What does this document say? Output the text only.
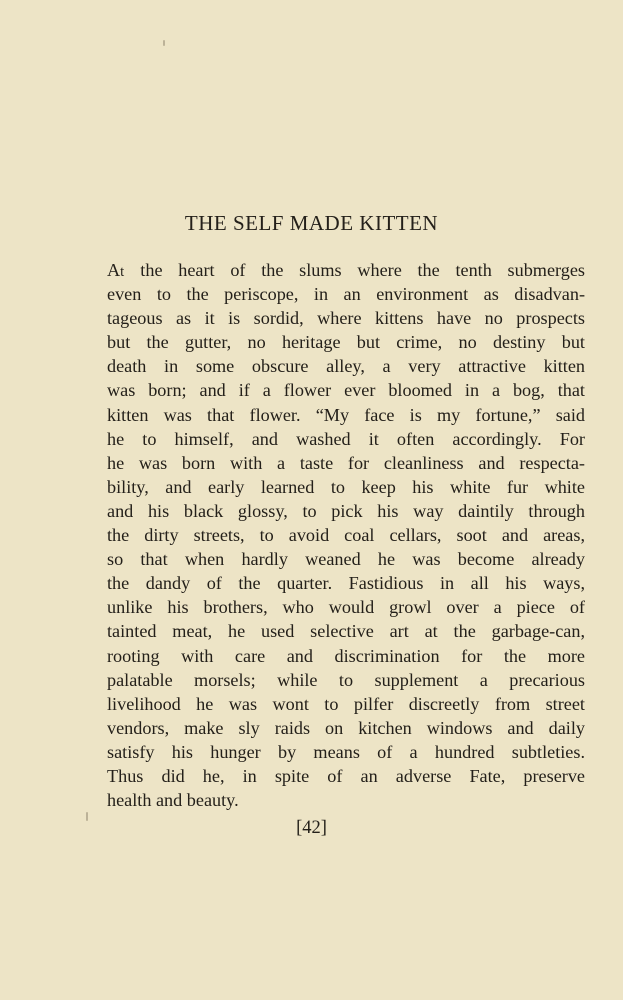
THE SELF MADE KITTEN
At the heart of the slums where the tenth submerges
even to the periscope, in an environment as disadvan-
tageous as it is sordid, where kittens have no prospects
but the gutter, no heritage but crime, no destiny but
death in some obscure alley, a very attractive kitten
was born; and if a flower ever bloomed in a bog, that
kitten was that flower. “My face is my fortune,” said
he to himself, and washed it often accordingly. For
he was born with a taste for cleanliness and respecta-
bility, and early learned to keep his white fur white
and his black glossy, to pick his way daintily through
the dirty streets, to avoid coal cellars, soot and areas,
so that when hardly weaned he was become already
the dandy of the quarter. Fastidious in all his ways,
unlike his brothers, who would growl over a piece of
tainted meat, he used selective art at the garbage-can,
rooting with care and discrimination for the more
palatable morsels; while to supplement a precarious
livelihood he was wont to pilfer discreetly from street
vendors, make sly raids on kitchen windows and daily
satisfy his hunger by means of a hundred subtleties.
Thus did he, in spite of an adverse Fate, preserve
health and beauty.
[42]
